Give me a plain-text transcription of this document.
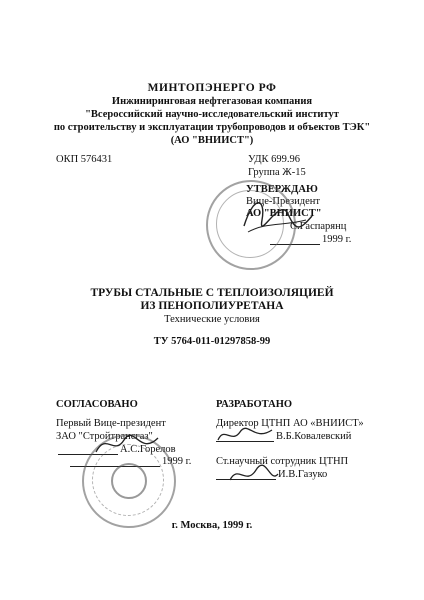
МИНТОПЭНЕРГО РФ
Инжиниринговая нефтегазовая компания
"Всероссийский научно-исследовательский институт
по строительству и эксплуатации трубопроводов и объектов ТЭК"
(АО "ВНИИСТ")
ОКП 576431	УДК 699.96
Группа Ж-15
УТВЕРЖДАЮ
Вице-Президент
АО "ВНИИСТ"
С.Гаспарянц
1999 г.
ТРУБЫ СТАЛЬНЫЕ С ТЕПЛОИЗОЛЯЦИЕЙ
ИЗ ПЕНОПОЛИУРЕТАНА
Технические условия
ТУ 5764-011-01297858-99
СОГЛАСОВАНО
Первый Вице-президент
ЗАО "Стройтрансгаз"
А.С.Горелов
1999 г.
РАЗРАБОТАНО
Директор ЦТНП АО «ВНИИСТ»
В.Б.Ковалевский
Ст.научный сотрудник ЦТНП
И.В.Газуко
г. Москва, 1999 г.
